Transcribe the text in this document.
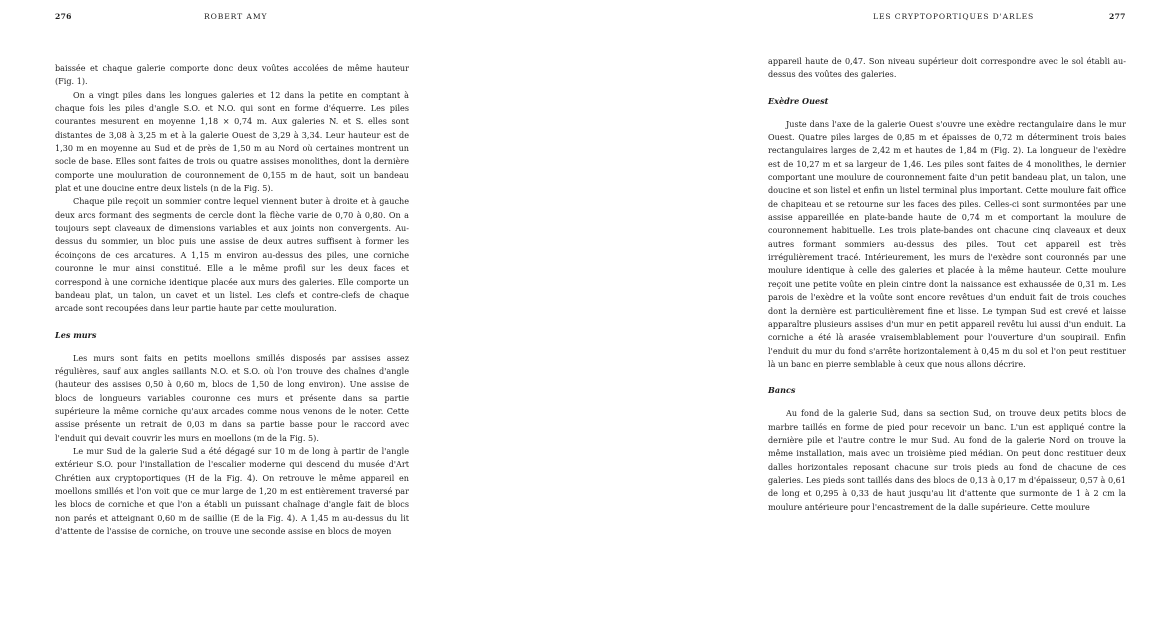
276	ROBERT AMY

baissée et chaque galerie comporte donc deux voûtes accolées de même hauteur (Fig. 1).

On a vingt piles dans les longues galeries et 12 dans la petite en comptant à chaque fois les piles d'angle S.O. et N.O. qui sont en forme d'équerre. Les piles courantes mesurent en moyenne 1,18 × 0,74 m. Aux galeries N. et S. elles sont distantes de 3,08 à 3,25 m et à la galerie Ouest de 3,29 à 3,34. Leur hauteur est de 1,30 m en moyenne au Sud et de près de 1,50 m au Nord où certaines montrent un socle de base. Elles sont faites de trois ou quatre assises monolithes, dont la dernière comporte une mouluration de couronnement de 0,155 m de haut, soit un bandeau plat et une doucine entre deux listels (n de la Fig. 5).

Chaque pile reçoit un sommier contre lequel viennent buter à droite et à gauche deux arcs formant des segments de cercle dont la flèche varie de 0,70 à 0,80. On a toujours sept claveaux de dimensions variables et aux joints non convergents. Au-dessus du sommier, un bloc puis une assise de deux autres suffisent à former les écoinçons de ces arcatures. A 1,15 m environ au-dessus des piles, une corniche couronne le mur ainsi constitué. Elle a le même profil sur les deux faces et correspond à une corniche identique placée aux murs des galeries. Elle comporte un bandeau plat, un talon, un cavet et un listel. Les clefs et contre-clefs de chaque arcade sont recoupées dans leur partie haute par cette mouluration.

Les murs

Les murs sont faits en petits moellons smillés disposés par assises assez régulières, sauf aux angles saillants N.O. et S.O. où l'on trouve des chaînes d'angle (hauteur des assises 0,50 à 0,60 m, blocs de 1,50 de long environ). Une assise de blocs de longueurs variables couronne ces murs et présente dans sa partie supérieure la même corniche qu'aux arcades comme nous venons de le noter. Cette assise présente un retrait de 0,03 m dans sa partie basse pour le raccord avec l'enduit qui devait couvrir les murs en moellons (m de la Fig. 5).

Le mur Sud de la galerie Sud a été dégagé sur 10 m de long à partir de l'angle extérieur S.O. pour l'installation de l'escalier moderne qui descend du musée d'Art Chrétien aux cryptoportiques (H de la Fig. 4). On retrouve le même appareil en moellons smillés et l'on voit que ce mur large de 1,20 m est entièrement traversé par les blocs de corniche et que l'on a établi un puissant chaînage d'angle fait de blocs non parés et atteignant 0,60 m de saillie (E de la Fig. 4). A 1,45 m au-dessus du lit d'attente de l'assise de corniche, on trouve une seconde assise en blocs de moyen

LES CRYPTOPORTIQUES D'ARLES	277

appareil haute de 0,47. Son niveau supérieur doit correspondre avec le sol établi au-dessus des voûtes des galeries.

Exèdre Ouest

Juste dans l'axe de la galerie Ouest s'ouvre une exèdre rectangulaire dans le mur Ouest. Quatre piles larges de 0,85 m et épaisses de 0,72 m déterminent trois baies rectangulaires larges de 2,42 m et hautes de 1,84 m (Fig. 2). La longueur de l'exèdre est de 10,27 m et sa largeur de 1,46. Les piles sont faites de 4 monolithes, le dernier comportant une moulure de couronnement faite d'un petit bandeau plat, un talon, une doucine et son listel et enfin un listel terminal plus important. Cette moulure fait office de chapiteau et se retourne sur les faces des piles. Celles-ci sont surmontées par une assise appareillée en plate-bande haute de 0,74 m et comportant la moulure de couronnement habituelle. Les trois plate-bandes ont chacune cinq claveaux et deux autres formant sommiers au-dessus des piles. Tout cet appareil est très irrégulièrement tracé. Intérieurement, les murs de l'exèdre sont couronnés par une moulure identique à celle des galeries et placée à la même hauteur. Cette moulure reçoit une petite voûte en plein cintre dont la naissance est exhaussée de 0,31 m. Les parois de l'exèdre et la voûte sont encore revêtues d'un enduit fait de trois couches dont la dernière est particulièrement fine et lisse. Le tympan Sud est crevé et laisse apparaître plusieurs assises d'un mur en petit appareil revêtu lui aussi d'un enduit. La corniche a été là arasée vraisemblablement pour l'ouverture d'un soupirail. Enfin l'enduit du mur du fond s'arrête horizontalement à 0,45 m du sol et l'on peut restituer là un banc en pierre semblable à ceux que nous allons décrire.

Bancs

Au fond de la galerie Sud, dans sa section Sud, on trouve deux petits blocs de marbre taillés en forme de pied pour recevoir un banc. L'un est appliqué contre la dernière pile et l'autre contre le mur Sud. Au fond de la galerie Nord on trouve la même installation, mais avec un troisième pied médian. On peut donc restituer deux dalles horizontales reposant chacune sur trois pieds au fond de chacune de ces galeries. Les pieds sont taillés dans des blocs de 0,13 à 0,17 m d'épaisseur, 0,57 à 0,61 de long et 0,295 à 0,33 de haut jusqu'au lit d'attente que surmonte de 1 à 2 cm la moulure antérieure pour l'encastrement de la dalle supérieure. Cette moulure
